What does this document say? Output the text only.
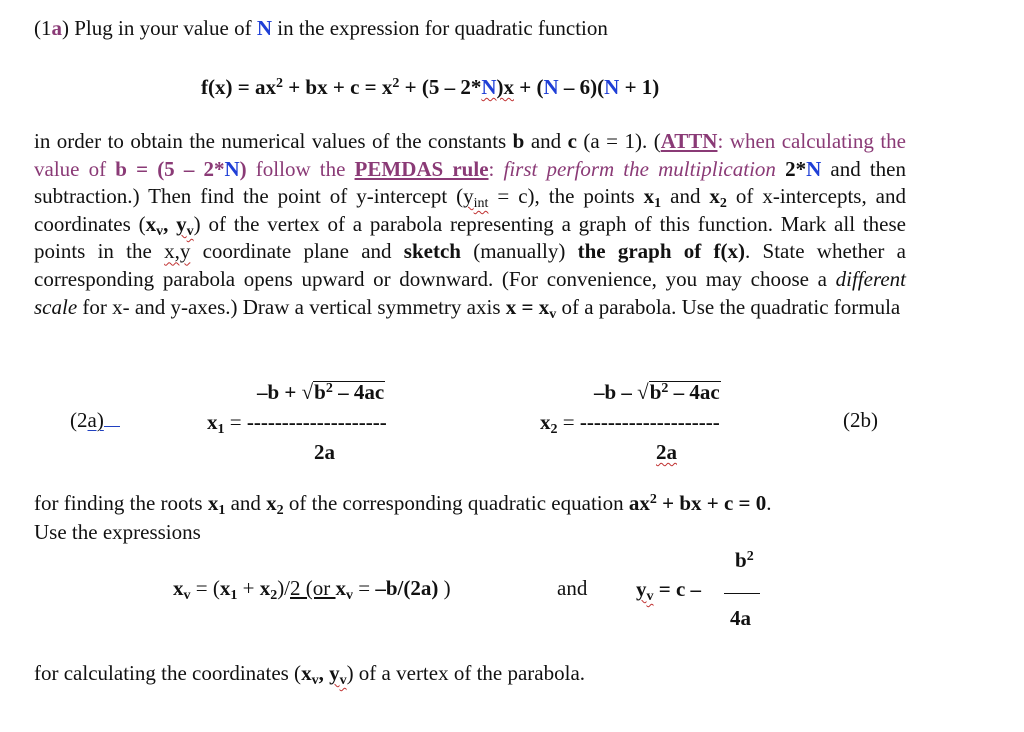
(1a) Plug in your value of N in the expression for quadratic function
$f(x) = ax^2$ + bx + $c = x^2 + (5 - 2*N)x + (N - 6)(N + 1)$

in order to obtain the numerical values of the constants b and c (a = 1). (ATTN: when calculating the value of b = (5 – 2*N) follow the PEMDAS rule: first perform the multiplication 2*N and then subtraction.) Then find the point of y-intercept $(y_{int} = c)$, the points $x_1$ and $x_2$ of x-intercepts, and coordinates ($x_v$, $y_v$) of the vertex of a parabola representing a graph of this function. Mark all these points in the x,y coordinate plane and sketch (manually) the graph of f(x). State whether a corresponding parabola opens upward or downward. (For convenience, you may choose a different scale for x- and y-axes.) Draw a vertical symmetry axis $x = x_v$ of a parabola. Use the quadratic formula

(2a)	(2b)
$-b + √b^2 - 4ac$
$x_1$ = --------------------
2a
$-b - √b^2 - 4ac$
$x_2$ = --------------------
2a
for finding the roots $x_1$ and $x_2$ of the corresponding quadratic equation $ax^2$ + bx + c = 0.
Use the expressions
$x_v = (x_1 + x_2)/2$ (or $x_v = -b/(2a)$ )	and
$b^2$
$y_v = c$ –
4a
for calculating the coordinates ($x_v$, $y_v$) of a vertex of the parabola.
